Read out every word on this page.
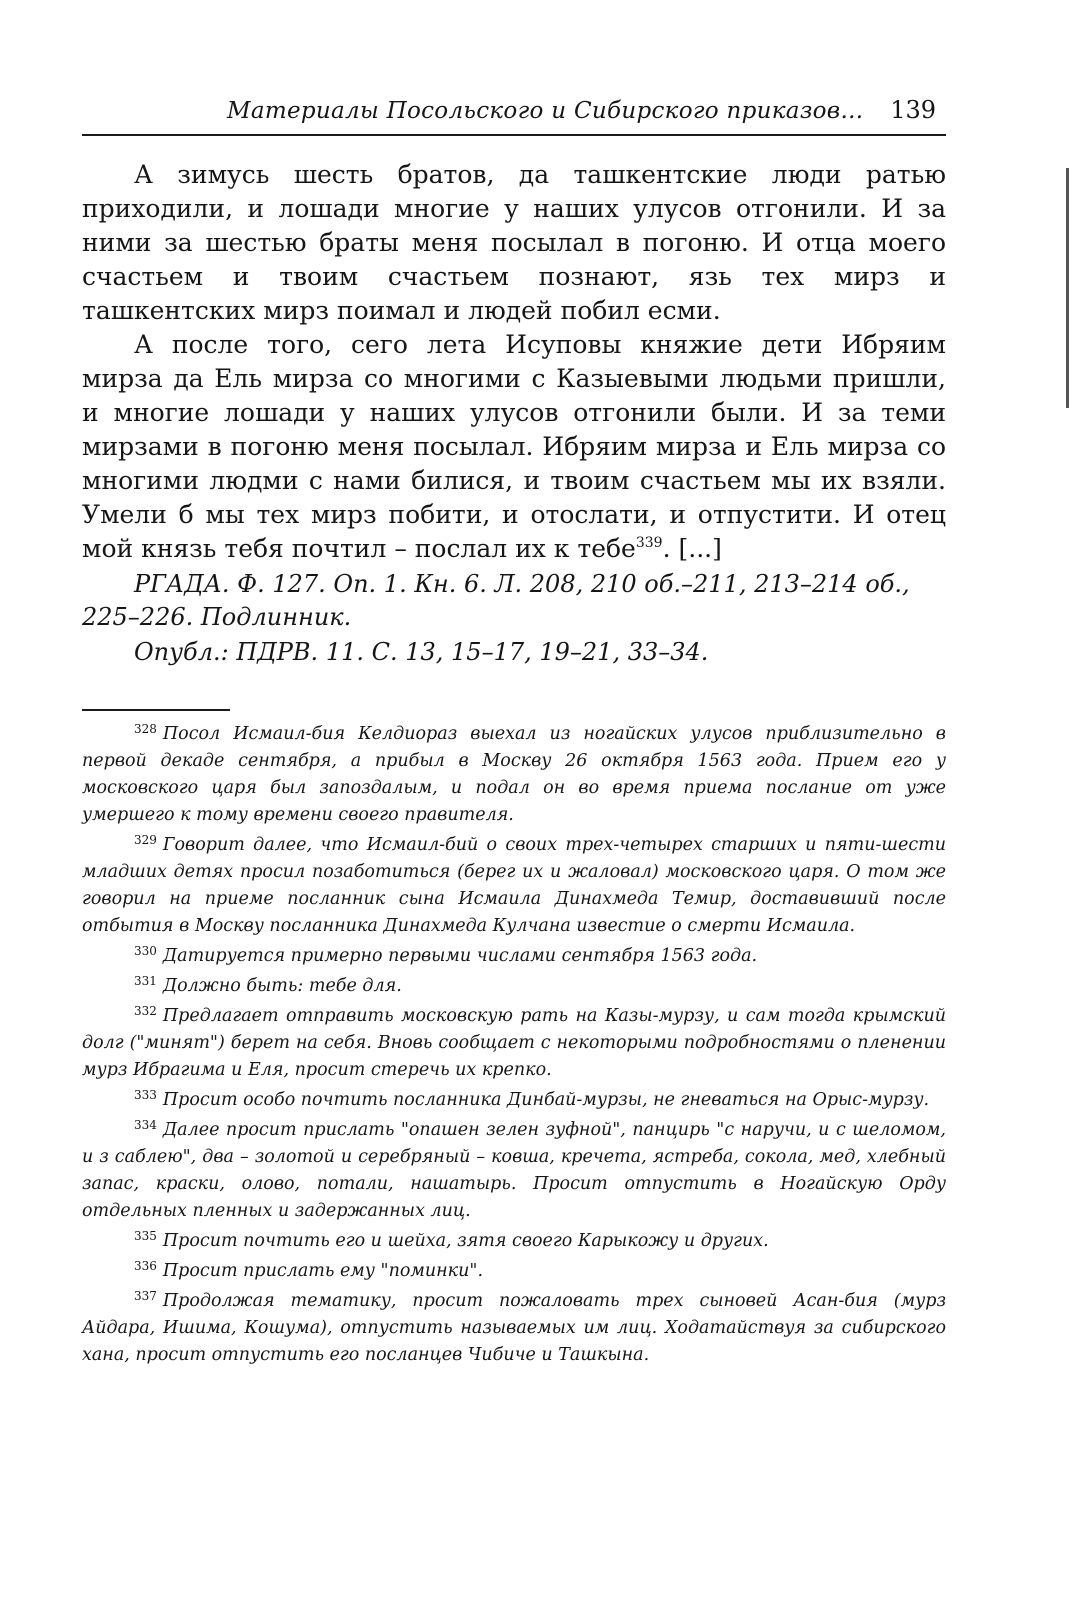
Материалы Посольского и Сибирского приказов... 139

А зимусь шесть братов, да ташкентские люди ратью приходили, и лошади многие у наших улусов отгонили. И за ними за шестью браты меня посылал в погоню. И отца моего счастьем и твоим счастьем познают, язь тех мирз и ташкентских мирз поимал и людей побил есми.

А после того, сего лета Исуповы княжие дети Ибряим мирза да Ель мирза со многими с Казыевыми людьми пришли, и многие лошади у наших улусов отгонили были. И за теми мирзами в погоню меня посылал. Ибряим мирза и Ель мирза со многими людми с нами билися, и твоим счастьем мы их взяли. Умели б мы тех мирз побити, и отослати, и отпустити. И отец мой князь тебя почтил – послал их к тебе$^{339}$. [...]

РГАДА. Ф. 127. Оп. 1. Кн. 6. Л. 208, 210 об.–211, 213–214 об., 225–226. Подлинник.

Опубл.: ПДРВ. 11. С. 13, 15–17, 19–21, 33–34.

$^{328}$ Посол Исмаил-бия Келдиораз выехал из ногайских улусов приблизительно в первой декаде сентября, а прибыл в Москву 26 октября 1563 года. Прием его у московского царя был запоздалым, и подал он во время приема послание от уже умершего к тому времени своего правителя.

$^{329}$ Говорит далее, что Исмаил-бий о своих трех-четырех старших и пяти-шести младших детях просил позаботиться (берег их и жаловал) московского царя. О том же говорил на приеме посланник сына Исмаила Динахмеда Темир, доставивший после отбытия в Москву посланника Динахмеда Кулчана известие о смерти Исмаила.

$^{330}$ Датируется примерно первыми числами сентября 1563 года.

$^{331}$ Должно быть: тебе для.

$^{332}$ Предлагает отправить московскую рать на Казы-мурзу, и сам тогда крымский долг ("минят") берет на себя. Вновь сообщает с некоторыми подробностями о пленении мурз Ибрагима и Еля, просит стеречь их крепко.

$^{333}$ Просит особо почтить посланника Динбай-мурзы, не гневаться на Орыс-мурзу.

$^{334}$ Далее просит прислать "опашен зелен зуфной", панцирь "с наручи, и с шеломом, и з саблею", два – золотой и серебряный – ковша, кречета, ястреба, сокола, мед, хлебный запас, краски, олово, потали, нашатырь. Просит отпустить в Ногайскую Орду отдельных пленных и задержанных лиц.

$^{335}$ Просит почтить его и шейха, зятя своего Карыкожу и других.

$^{336}$ Просит прислать ему "поминки".

$^{337}$ Продолжая тематику, просит пожаловать трех сыновей Асан-бия (мурз Айдара, Ишима, Кошума), отпустить называемых им лиц. Ходатайствуя за сибирского хана, просит отпустить его посланцев Чибиче и Ташкына.
